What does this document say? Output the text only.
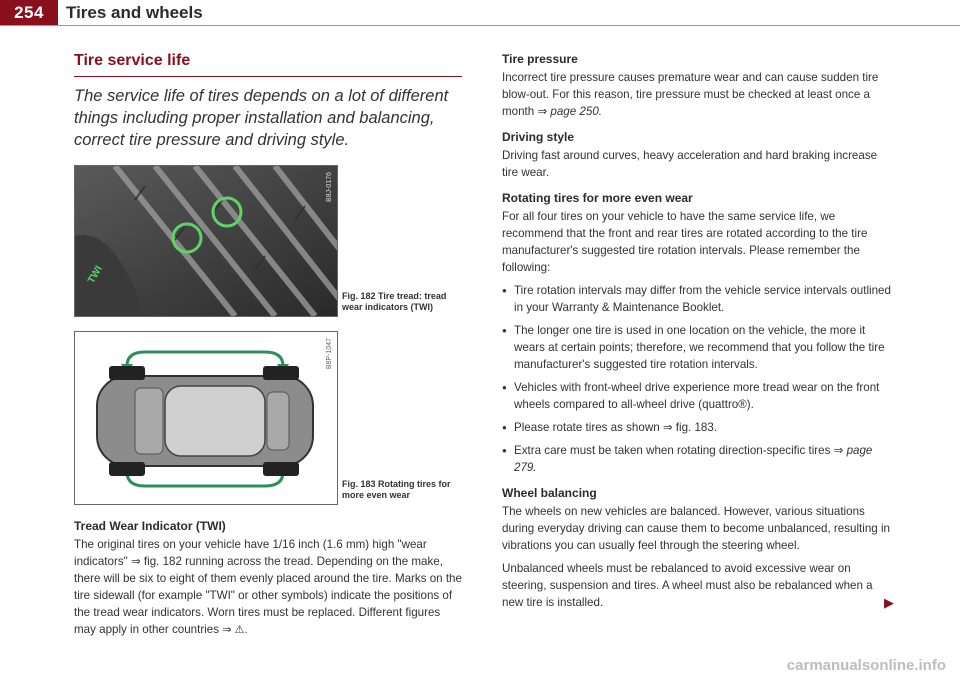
254	Tires and wheels
Tire service life

The service life of tires depends on a lot of different things including proper installation and balancing, correct tire pressure and driving style.

TWI
B8J-0176
Fig. 182 Tire tread: tread wear indicators (TWI)
B8P-1047
Fig. 183 Rotating tires for more even wear
Tread Wear Indicator (TWI)

The original tires on your vehicle have 1/16 inch (1.6 mm) high "wear indicators" ⇒ fig. 182 running across the tread. Depending on the make, there will be six to eight of them evenly placed around the tire. Marks on the tire sidewall (for example "TWI" or other symbols) indicate the positions of the tread wear indicators. Worn tires must be replaced. Different figures may apply in other countries ⇒ ⚠.

Tire pressure

Incorrect tire pressure causes premature wear and can cause sudden tire blow-out. For this reason, tire pressure must be checked at least once a month ⇒ page 250.

Driving style

Driving fast around curves, heavy acceleration and hard braking increase tire wear.

Rotating tires for more even wear

For all four tires on your vehicle to have the same service life, we recommend that the front and rear tires are rotated according to the tire manufacturer's suggested tire rotation intervals. Please remember the following:

● Tire rotation intervals may differ from the vehicle service intervals outlined in your Warranty & Maintenance Booklet.
● The longer one tire is used in one location on the vehicle, the more it wears at certain points; therefore, we recommend that you follow the tire manufacturer's suggested tire rotation intervals.
● Vehicles with front-wheel drive experience more tread wear on the front wheels compared to all-wheel drive (quattro®).
● Please rotate tires as shown ⇒ fig. 183.
● Extra care must be taken when rotating direction-specific tires ⇒ page 279.
Wheel balancing

The wheels on new vehicles are balanced. However, various situations during everyday driving can cause them to become unbalanced, resulting in vibrations you can usually feel through the steering wheel.

Unbalanced wheels must be rebalanced to avoid excessive wear on steering, suspension and tires. A wheel must also be rebalanced when a new tire is installed.	▶

carmanualsonline.info
